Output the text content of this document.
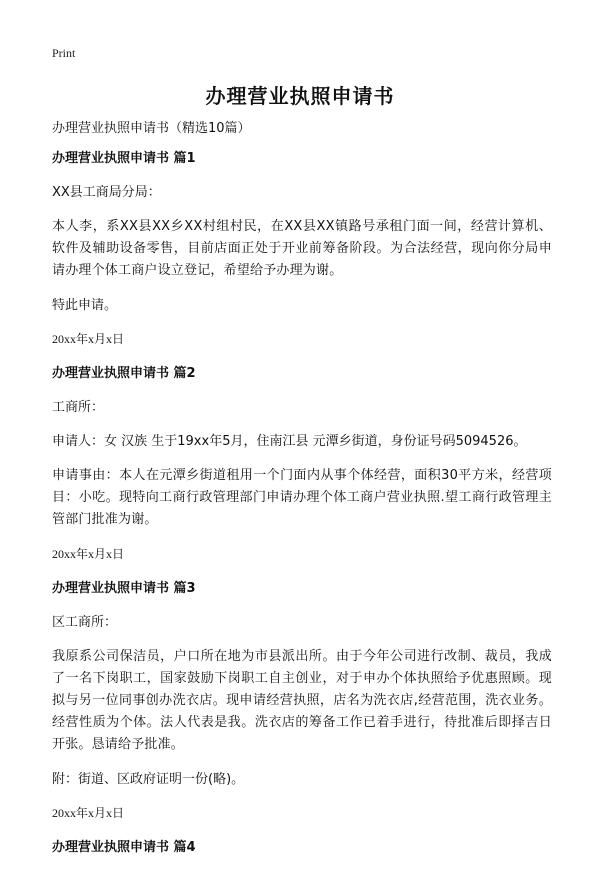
Print
办理营业执照申请书
办理营业执照申请书（精选10篇）
办理营业执照申请书 篇1
XX县工商局分局：
本人李，系XX县XX乡XX村组村民，在XX县XX镇路号承租门面一间，经营计算机、软件及辅助设备零售，目前店面正处于开业前筹备阶段。为合法经营，现向你分局申请办理个体工商户设立登记，希望给予办理为谢。
特此申请。
20xx年x月x日
办理营业执照申请书 篇2
工商所：
申请人：女 汉族 生于19xx年5月，住南江县 元潭乡街道，身份证号码5094526。
申请事由：本人在元潭乡街道租用一个门面内从事个体经营，面积30平方米，经营项目：小吃。现特向工商行政管理部门申请办理个体工商户营业执照.望工商行政管理主管部门批准为谢。
20xx年x月x日
办理营业执照申请书 篇3
区工商所：
我原系公司保洁员，户口所在地为市县派出所。由于今年公司进行改制、裁员，我成了一名下岗职工，国家鼓励下岗职工自主创业，对于申办个体执照给予优惠照顾。现拟与另一位同事创办洗衣店。现申请经营执照，店名为洗衣店,经营范围，洗衣业务。经营性质为个体。法人代表是我。洗衣店的筹备工作已着手进行，待批准后即择吉日开张。恳请给予批准。
附：街道、区政府证明一份(略)。
20xx年x月x日
办理营业执照申请书 篇4
